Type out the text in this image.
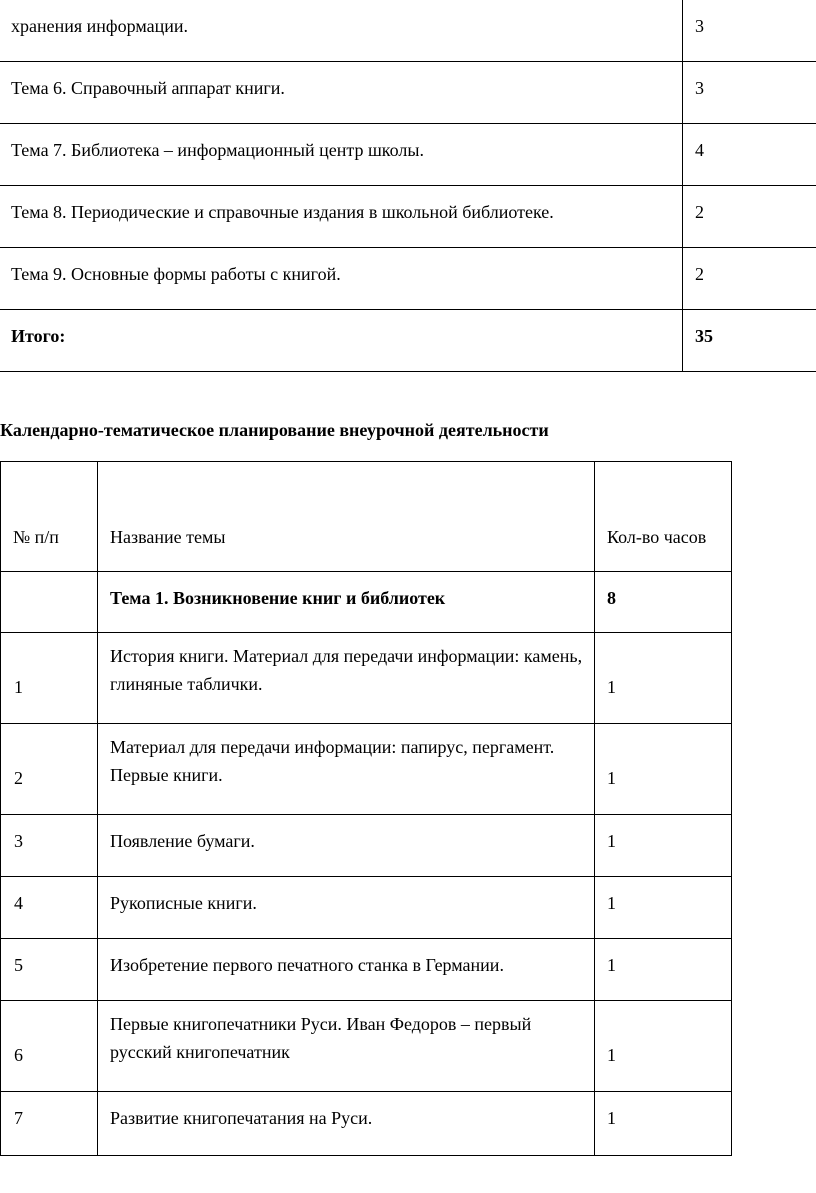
хранения информации.	3
Тема 6. Справочный аппарат книги.	3
Тема 7. Библиотека – информационный центр школы.	4
Тема 8. Периодические и справочные издания в школьной библиотеке.	2
Тема 9. Основные формы работы с книгой.	2
Итого:	35
Календарно-тематическое планирование внеурочной деятельности
№ п/п	Название темы	Кол-во часов
	Тема 1. Возникновение книг и библиотек	8
1	История книги. Материал для передачи информации: камень, глиняные таблички.	1
2	Материал для передачи информации: папирус, пергамент. Первые книги.	1
3	Появление бумаги.	1
4	Рукописные книги.	1
5	Изобретение первого печатного станка в Германии.	1
6	Первые книгопечатники Руси. Иван Федоров – первый русский книгопечатник	1
7	Развитие книгопечатания на Руси.	1
